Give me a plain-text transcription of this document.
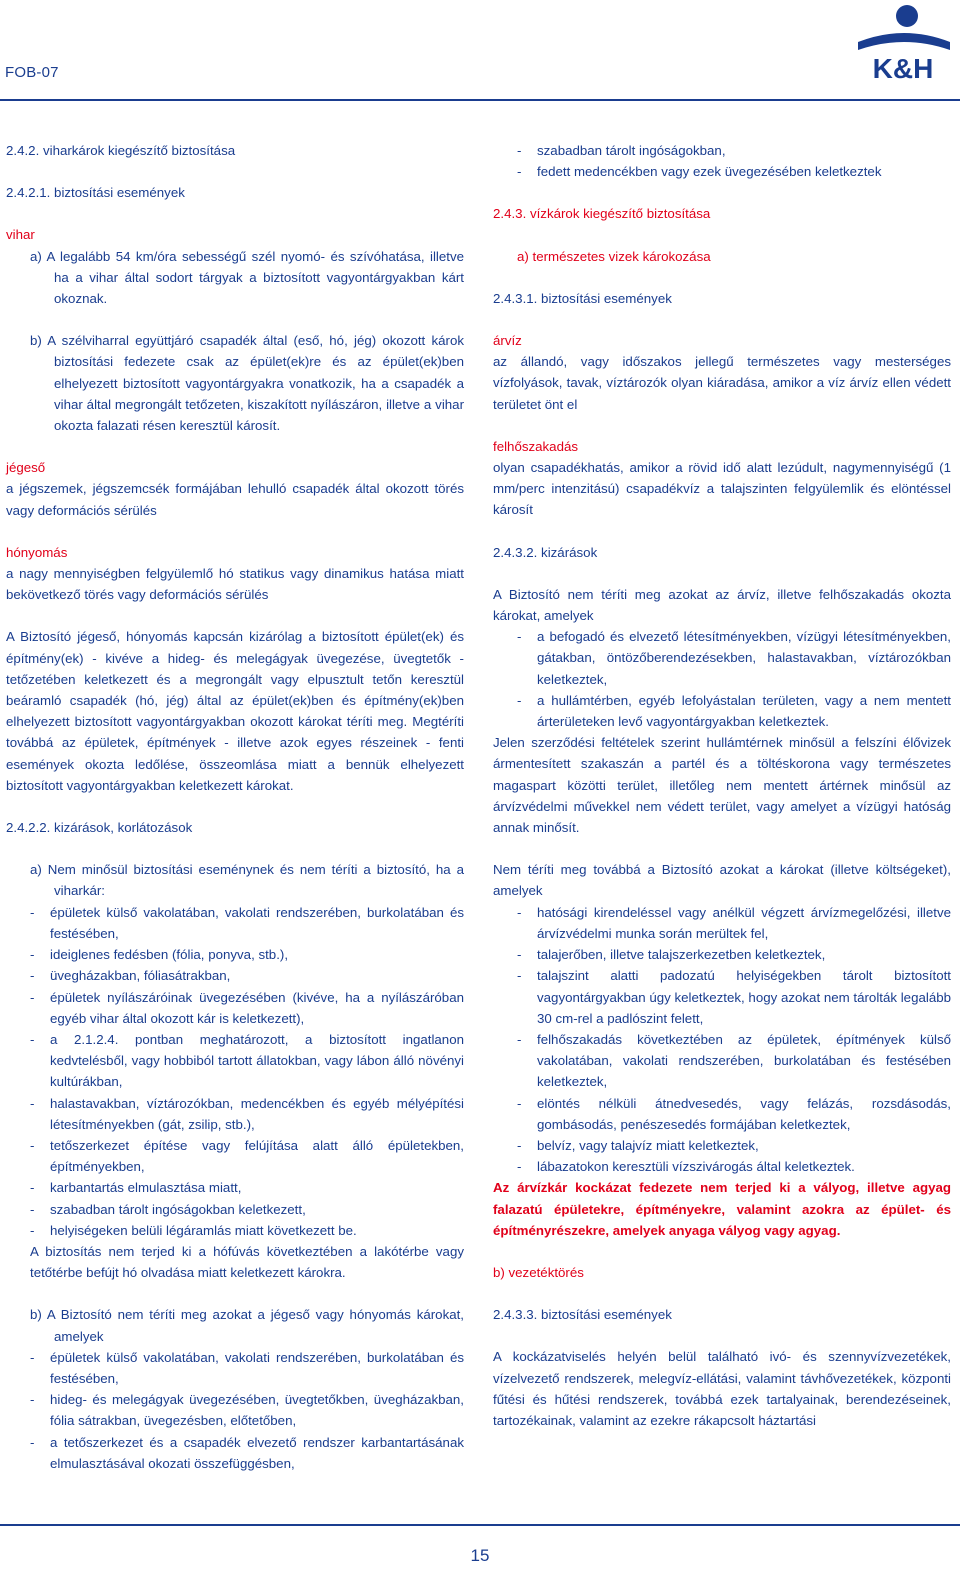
FOB-07	K&H

2.4.2. viharkárok kiegészítő biztosítása

2.4.2.1. biztosítási események

vihar

a) A legalább 54 km/óra sebességű szél nyomó- és szívóhatása, illetve ha a vihar által sodort tárgyak a biztosított vagyontárgyakban kárt okoznak.

b) A szélviharral együttjáró csapadék által (eső, hó, jég) okozott károk biztosítási fedezete csak az épület(ek)re és az épület(ek)ben elhelyezett biztosított vagyontárgyakra vonatkozik, ha a csapadék a vihar által megrongált tetőzeten, kiszakított nyílászáron, illetve a vihar okozta falazati résen keresztül károsít.

jégeső

a jégszemek, jégszemcsék formájában lehulló csapadék által okozott törés vagy deformációs sérülés

hónyomás

a nagy mennyiségben felgyülemlő hó statikus vagy dinamikus hatása miatt bekövetkező törés vagy deformációs sérülés

A Biztosító jégeső, hónyomás kapcsán kizárólag a biztosított épület(ek) és építmény(ek) - kivéve a hideg- és melegágyak üvegezése, üvegtetők - tetőzetében keletkezett és a megrongált vagy elpusztult tetőn keresztül beáramló csapadék (hó, jég) által az épület(ek)ben és építmény(ek)ben elhelyezett biztosított vagyontárgyakban okozott károkat téríti meg. Megtéríti továbbá az épületek, építmények - illetve azok egyes részeinek - fenti események okozta ledőlése, összeomlása miatt a bennük elhelyezett biztosított vagyontárgyakban keletkezett károkat.

2.4.2.2. kizárások, korlátozások

a) Nem minősül biztosítási eseménynek és nem téríti a biztosító, ha a viharkár:

- épületek külső vakolatában, vakolati rendszerében, burkolatában és festésében,
- ideiglenes fedésben (fólia, ponyva, stb.),
- üvegházakban, fóliasátrakban,
- épületek nyílászáróinak üvegezésében (kivéve, ha a nyílászáróban egyéb vihar által okozott kár is keletkezett),
- a 2.1.2.4. pontban meghatározott, a biztosított ingatlanon kedvtelésből, vagy hobbiból tartott állatokban, vagy lábon álló növényi kultúrákban,
- halastavakban, víztározókban, medencékben és egyéb mélyépítési létesítményekben (gát, zsilip, stb.),
- tetőszerkezet építése vagy felújítása alatt álló épületekben, építményekben,
- karbantartás elmulasztása miatt,
- szabadban tárolt ingóságokban keletkezett,
- helyiségeken belüli légáramlás miatt következett be.

A biztosítás nem terjed ki a hófúvás következtében a lakótérbe vagy tetőtérbe befújt hó olvadása miatt keletkezett károkra.

b) A Biztosító nem téríti meg azokat a jégeső vagy hónyomás károkat, amelyek

- épületek külső vakolatában, vakolati rendszerében, burkolatában és festésében,
- hideg- és melegágyak üvegezésében, üvegtetőkben, üvegházakban, fólia sátrakban, üvegezésben, előtetőben,
- a tetőszerkezet és a csapadék elvezető rendszer karbantartásának elmulasztásával okozati összefüggésben,
- szabadban tárolt ingóságokban,
- fedett medencékben vagy ezek üvegezésében keletkeztek

2.4.3. vízkárok kiegészítő biztosítása

a) természetes vizek károkozása

2.4.3.1. biztosítási események

árvíz

az állandó, vagy időszakos jellegű természetes vagy mesterséges vízfolyások, tavak, víztározók olyan kiáradása, amikor a víz árvíz ellen védett területet önt el

felhőszakadás

olyan csapadékhatás, amikor a rövid idő alatt lezúdult, nagymennyiségű (1 mm/perc intenzitású) csapadékvíz a talajszinten felgyülemlik és elöntéssel károsít

2.4.3.2. kizárások

A Biztosító nem téríti meg azokat az árvíz, illetve felhőszakadás okozta károkat, amelyek

- a befogadó és elvezető létesítményekben, vízügyi létesítményekben, gátakban, öntözőberendezésekben, halastavakban, víztározókban keletkeztek,
- a hullámtérben, egyéb lefolyástalan területen, vagy a nem mentett árterületeken levő vagyontárgyakban keletkeztek.

Jelen szerződési feltételek szerint hullámtérnek minősül a felszíni élővizek ármentesített szakaszán a partél és a töltéskorona vagy természetes magaspart közötti terület, illetőleg nem mentett ártérnek minősül az árvízvédelmi művekkel nem védett terület, vagy amelyet a vízügyi hatóság annak minősít.

Nem téríti meg továbbá a Biztosító azokat a károkat (illetve költségeket), amelyek

- hatósági kirendeléssel vagy anélkül végzett árvízmegelőzési, illetve árvízvédelmi munka során merültek fel,
- talajerőben, illetve talajszerkezetben keletkeztek,
- talajszint alatti padozatú helyiségekben tárolt biztosított vagyontárgyakban úgy keletkeztek, hogy azokat nem tárolták legalább 30 cm-rel a padlószint felett,
- felhőszakadás következtében az épületek, építmények külső vakolatában, vakolati rendszerében, burkolatában és festésében keletkeztek,
- elöntés nélküli átnedvesedés, vagy felázás, rozsdásodás, gombásodás, penészesedés formájában keletkeztek,
- belvíz, vagy talajvíz miatt keletkeztek,
- lábazatokon keresztüli vízszivárogás által keletkeztek.

Az árvízkár kockázat fedezete nem terjed ki a vályog, illetve agyag falazatú épületekre, építményekre, valamint azokra az épület- és építményrészekre, amelyek anyaga vályog vagy agyag.

b) vezetéktörés

2.4.3.3. biztosítási események

A kockázatviselés helyén belül található ivó- és szennyvízvezetékek, vízelvezető rendszerek, melegvíz-ellátási, valamint távhővezetékek, központi fűtési és hűtési rendszerek, továbbá ezek tartalyainak, berendezéseinek, tartozékainak, valamint az ezekre rákapcsolt háztartási

15
